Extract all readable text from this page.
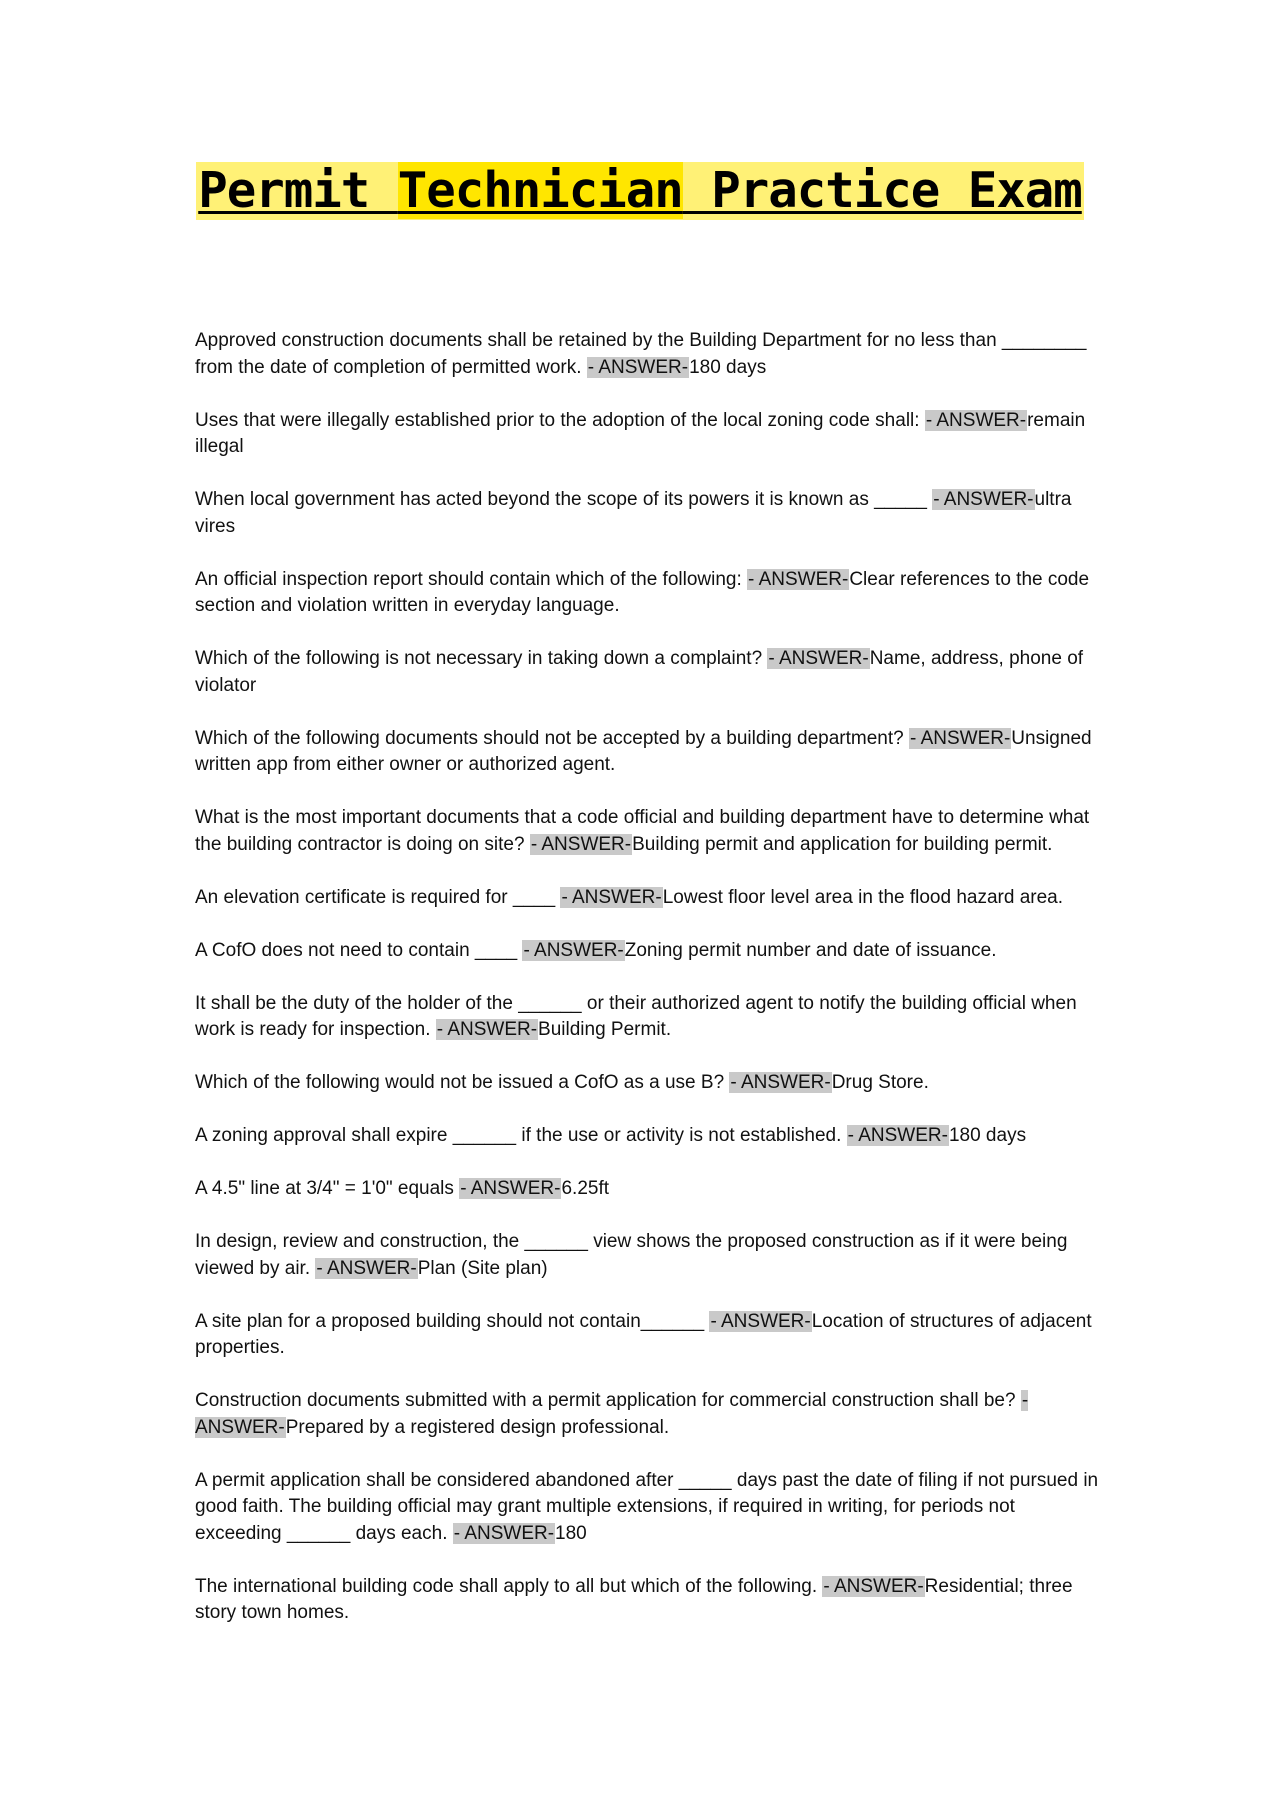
Permit Technician Practice Exam

Approved construction documents shall be retained by the Building Department for no less than ________ from the date of completion of permitted work. - ANSWER-180 days

Uses that were illegally established prior to the adoption of the local zoning code shall: - ANSWER-remain illegal

When local government has acted beyond the scope of its powers it is known as _____ - ANSWER-ultra vires

An official inspection report should contain which of the following: - ANSWER-Clear references to the code section and violation written in everyday language.

Which of the following is not necessary in taking down a complaint? - ANSWER-Name, address, phone of violator

Which of the following documents should not be accepted by a building department? - ANSWER-Unsigned written app from either owner or authorized agent.

What is the most important documents that a code official and building department have to determine what the building contractor is doing on site? - ANSWER-Building permit and application for building permit.

An elevation certificate is required for ____ - ANSWER-Lowest floor level area in the flood hazard area.

A CofO does not need to contain ____ - ANSWER-Zoning permit number and date of issuance.

It shall be the duty of the holder of the ______ or their authorized agent to notify the building official when work is ready for inspection. - ANSWER-Building Permit.

Which of the following would not be issued a CofO as a use B? - ANSWER-Drug Store.

A zoning approval shall expire ______ if the use or activity is not established. - ANSWER-180 days

A 4.5" line at 3/4" = 1'0" equals - ANSWER-6.25ft

In design, review and construction, the ______ view shows the proposed construction as if it were being viewed by air. - ANSWER-Plan (Site plan)

A site plan for a proposed building should not contain______ - ANSWER-Location of structures of adjacent properties.

Construction documents submitted with a permit application for commercial construction shall be? - ANSWER-Prepared by a registered design professional.

A permit application shall be considered abandoned after _____ days past the date of filing if not pursued in good faith. The building official may grant multiple extensions, if required in writing, for periods not exceeding ______ days each. - ANSWER-180

The international building code shall apply to all but which of the following. - ANSWER-Residential; three story town homes.
